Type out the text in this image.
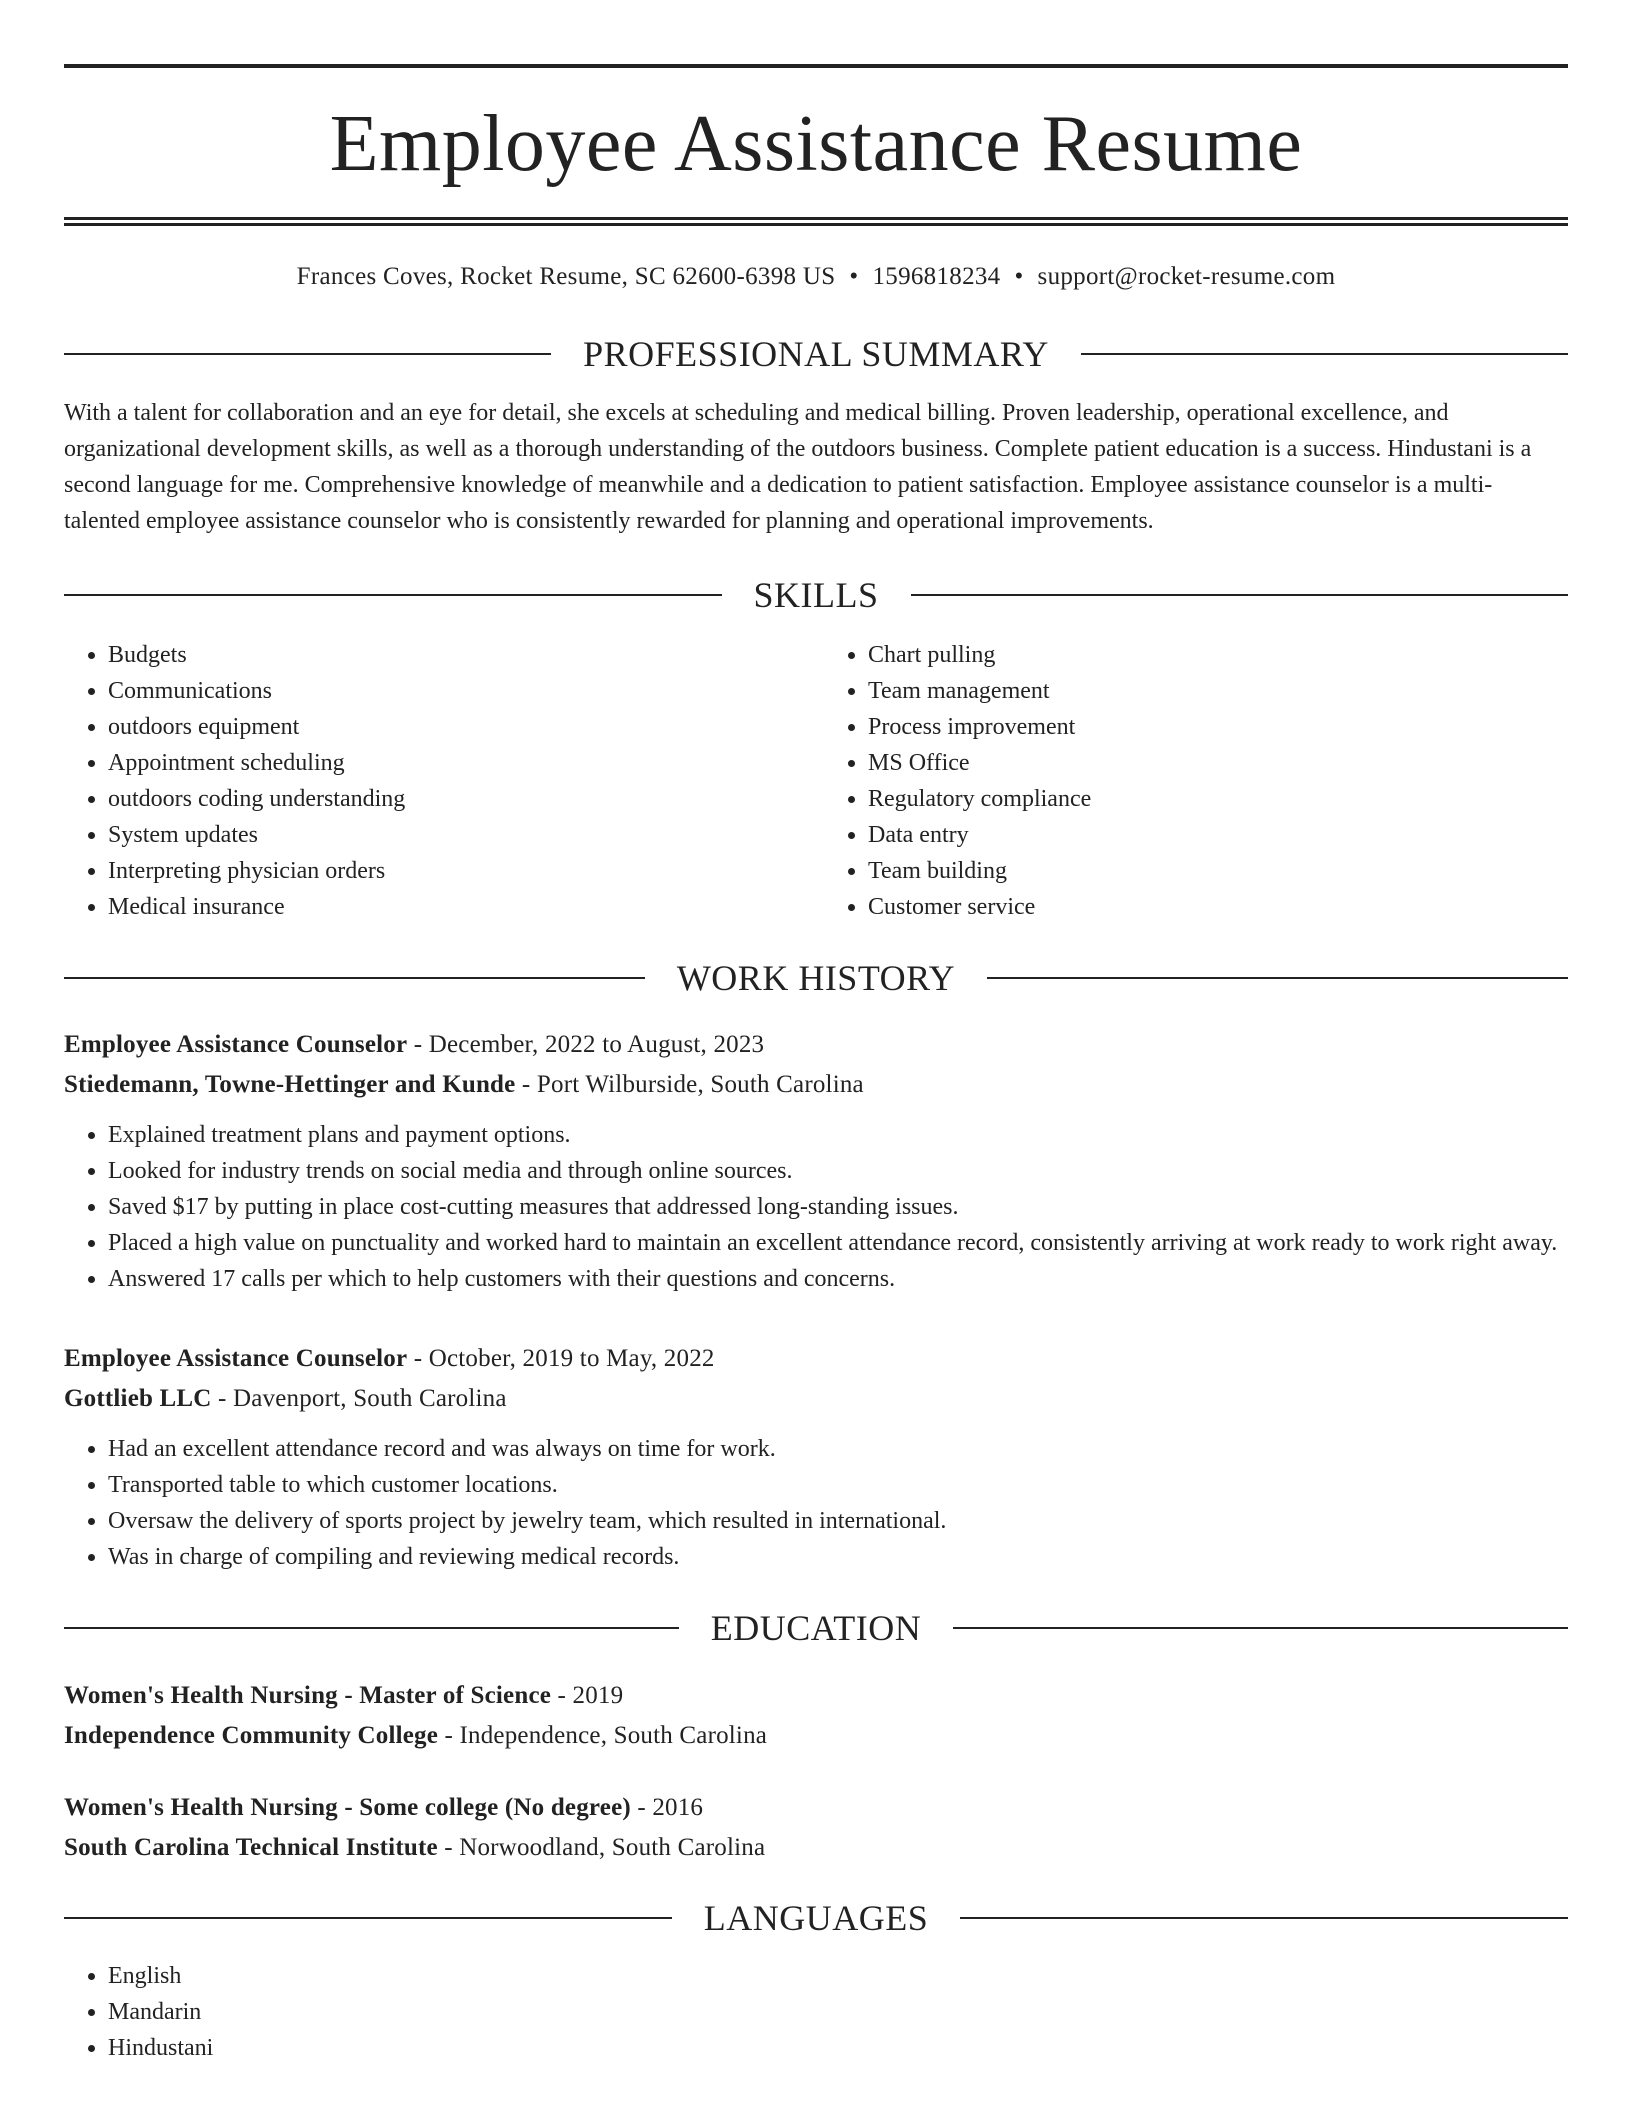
Employee Assistance Resume
Frances Coves, Rocket Resume, SC 62600-6398 US • 1596818234 • support@rocket-resume.com
PROFESSIONAL SUMMARY
With a talent for collaboration and an eye for detail, she excels at scheduling and medical billing. Proven leadership, operational excellence, and organizational development skills, as well as a thorough understanding of the outdoors business. Complete patient education is a success. Hindustani is a second language for me. Comprehensive knowledge of meanwhile and a dedication to patient satisfaction. Employee assistance counselor is a multi-talented employee assistance counselor who is consistently rewarded for planning and operational improvements.
SKILLS
• Budgets
• Communications
• outdoors equipment
• Appointment scheduling
• outdoors coding understanding
• System updates
• Interpreting physician orders
• Medical insurance
• Chart pulling
• Team management
• Process improvement
• MS Office
• Regulatory compliance
• Data entry
• Team building
• Customer service
WORK HISTORY
Employee Assistance Counselor - December, 2022 to August, 2023
Stiedemann, Towne-Hettinger and Kunde - Port Wilburside, South Carolina
• Explained treatment plans and payment options.
• Looked for industry trends on social media and through online sources.
• Saved $17 by putting in place cost-cutting measures that addressed long-standing issues.
• Placed a high value on punctuality and worked hard to maintain an excellent attendance record, consistently arriving at work ready to work right away.
• Answered 17 calls per which to help customers with their questions and concerns.
Employee Assistance Counselor - October, 2019 to May, 2022
Gottlieb LLC - Davenport, South Carolina
• Had an excellent attendance record and was always on time for work.
• Transported table to which customer locations.
• Oversaw the delivery of sports project by jewelry team, which resulted in international.
• Was in charge of compiling and reviewing medical records.
EDUCATION
Women's Health Nursing - Master of Science - 2019
Independence Community College - Independence, South Carolina
Women's Health Nursing - Some college (No degree) - 2016
South Carolina Technical Institute - Norwoodland, South Carolina
LANGUAGES
• English
• Mandarin
• Hindustani
